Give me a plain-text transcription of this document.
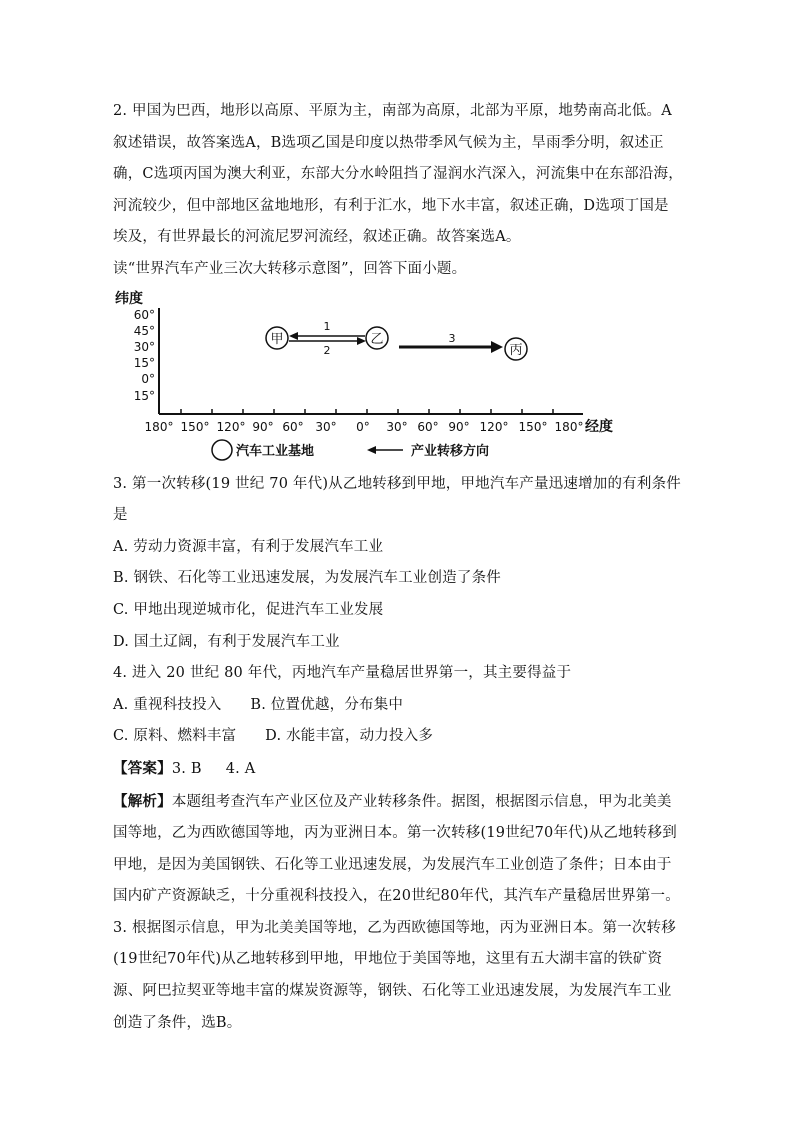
2. 甲国为巴西，地形以高原、平原为主，南部为高原，北部为平原，地势南高北低。A叙述错误，故答案选A，B选项乙国是印度以热带季风气候为主，旱雨季分明，叙述正确，C选项丙国为澳大利亚，东部大分水岭阻挡了湿润水汽深入，河流集中在东部沿海，河流较少，但中部地区盆地地形，有利于汇水，地下水丰富，叙述正确，D选项丁国是埃及，有世界最长的河流尼罗河流经，叙述正确。故答案选A。

读“世界汽车产业三次大转移示意图”，回答下面小题。

纬度
60°
45°
30°
15°
0°
15°
180° 150° 120° 90° 60° 30° 0° 30° 60° 90° 120° 150° 180° 经度
甲	乙
丙
1
2
3
汽车工业基地	产业转移方向

3. 第一次转移(19 世纪 70 年代)从乙地转移到甲地，甲地汽车产量迅速增加的有利条件是

A. 劳动力资源丰富，有利于发展汽车工业

B. 钢铁、石化等工业迅速发展，为发展汽车工业创造了条件

C. 甲地出现逆城市化，促进汽车工业发展

D. 国土辽阔，有利于发展汽车工业

4. 进入 20 世纪 80 年代，丙地汽车产量稳居世界第一，其主要得益于

A. 重视科技投入      B. 位置优越，分布集中

C. 原料、燃料丰富      D. 水能丰富，动力投入多

【答案】3. B     4. A

【解析】本题组考查汽车产业区位及产业转移条件。据图，根据图示信息，甲为北美美国等地，乙为西欧德国等地，丙为亚洲日本。第一次转移(19世纪70年代)从乙地转移到甲地，是因为美国钢铁、石化等工业迅速发展，为发展汽车工业创造了条件；日本由于国内矿产资源缺乏，十分重视科技投入，在20世纪80年代，其汽车产量稳居世界第一。

3. 根据图示信息，甲为北美美国等地，乙为西欧德国等地，丙为亚洲日本。第一次转移(19世纪70年代)从乙地转移到甲地，甲地位于美国等地，这里有五大湖丰富的铁矿资源、阿巴拉契亚等地丰富的煤炭资源等，钢铁、石化等工业迅速发展，为发展汽车工业创造了条件，选B。
